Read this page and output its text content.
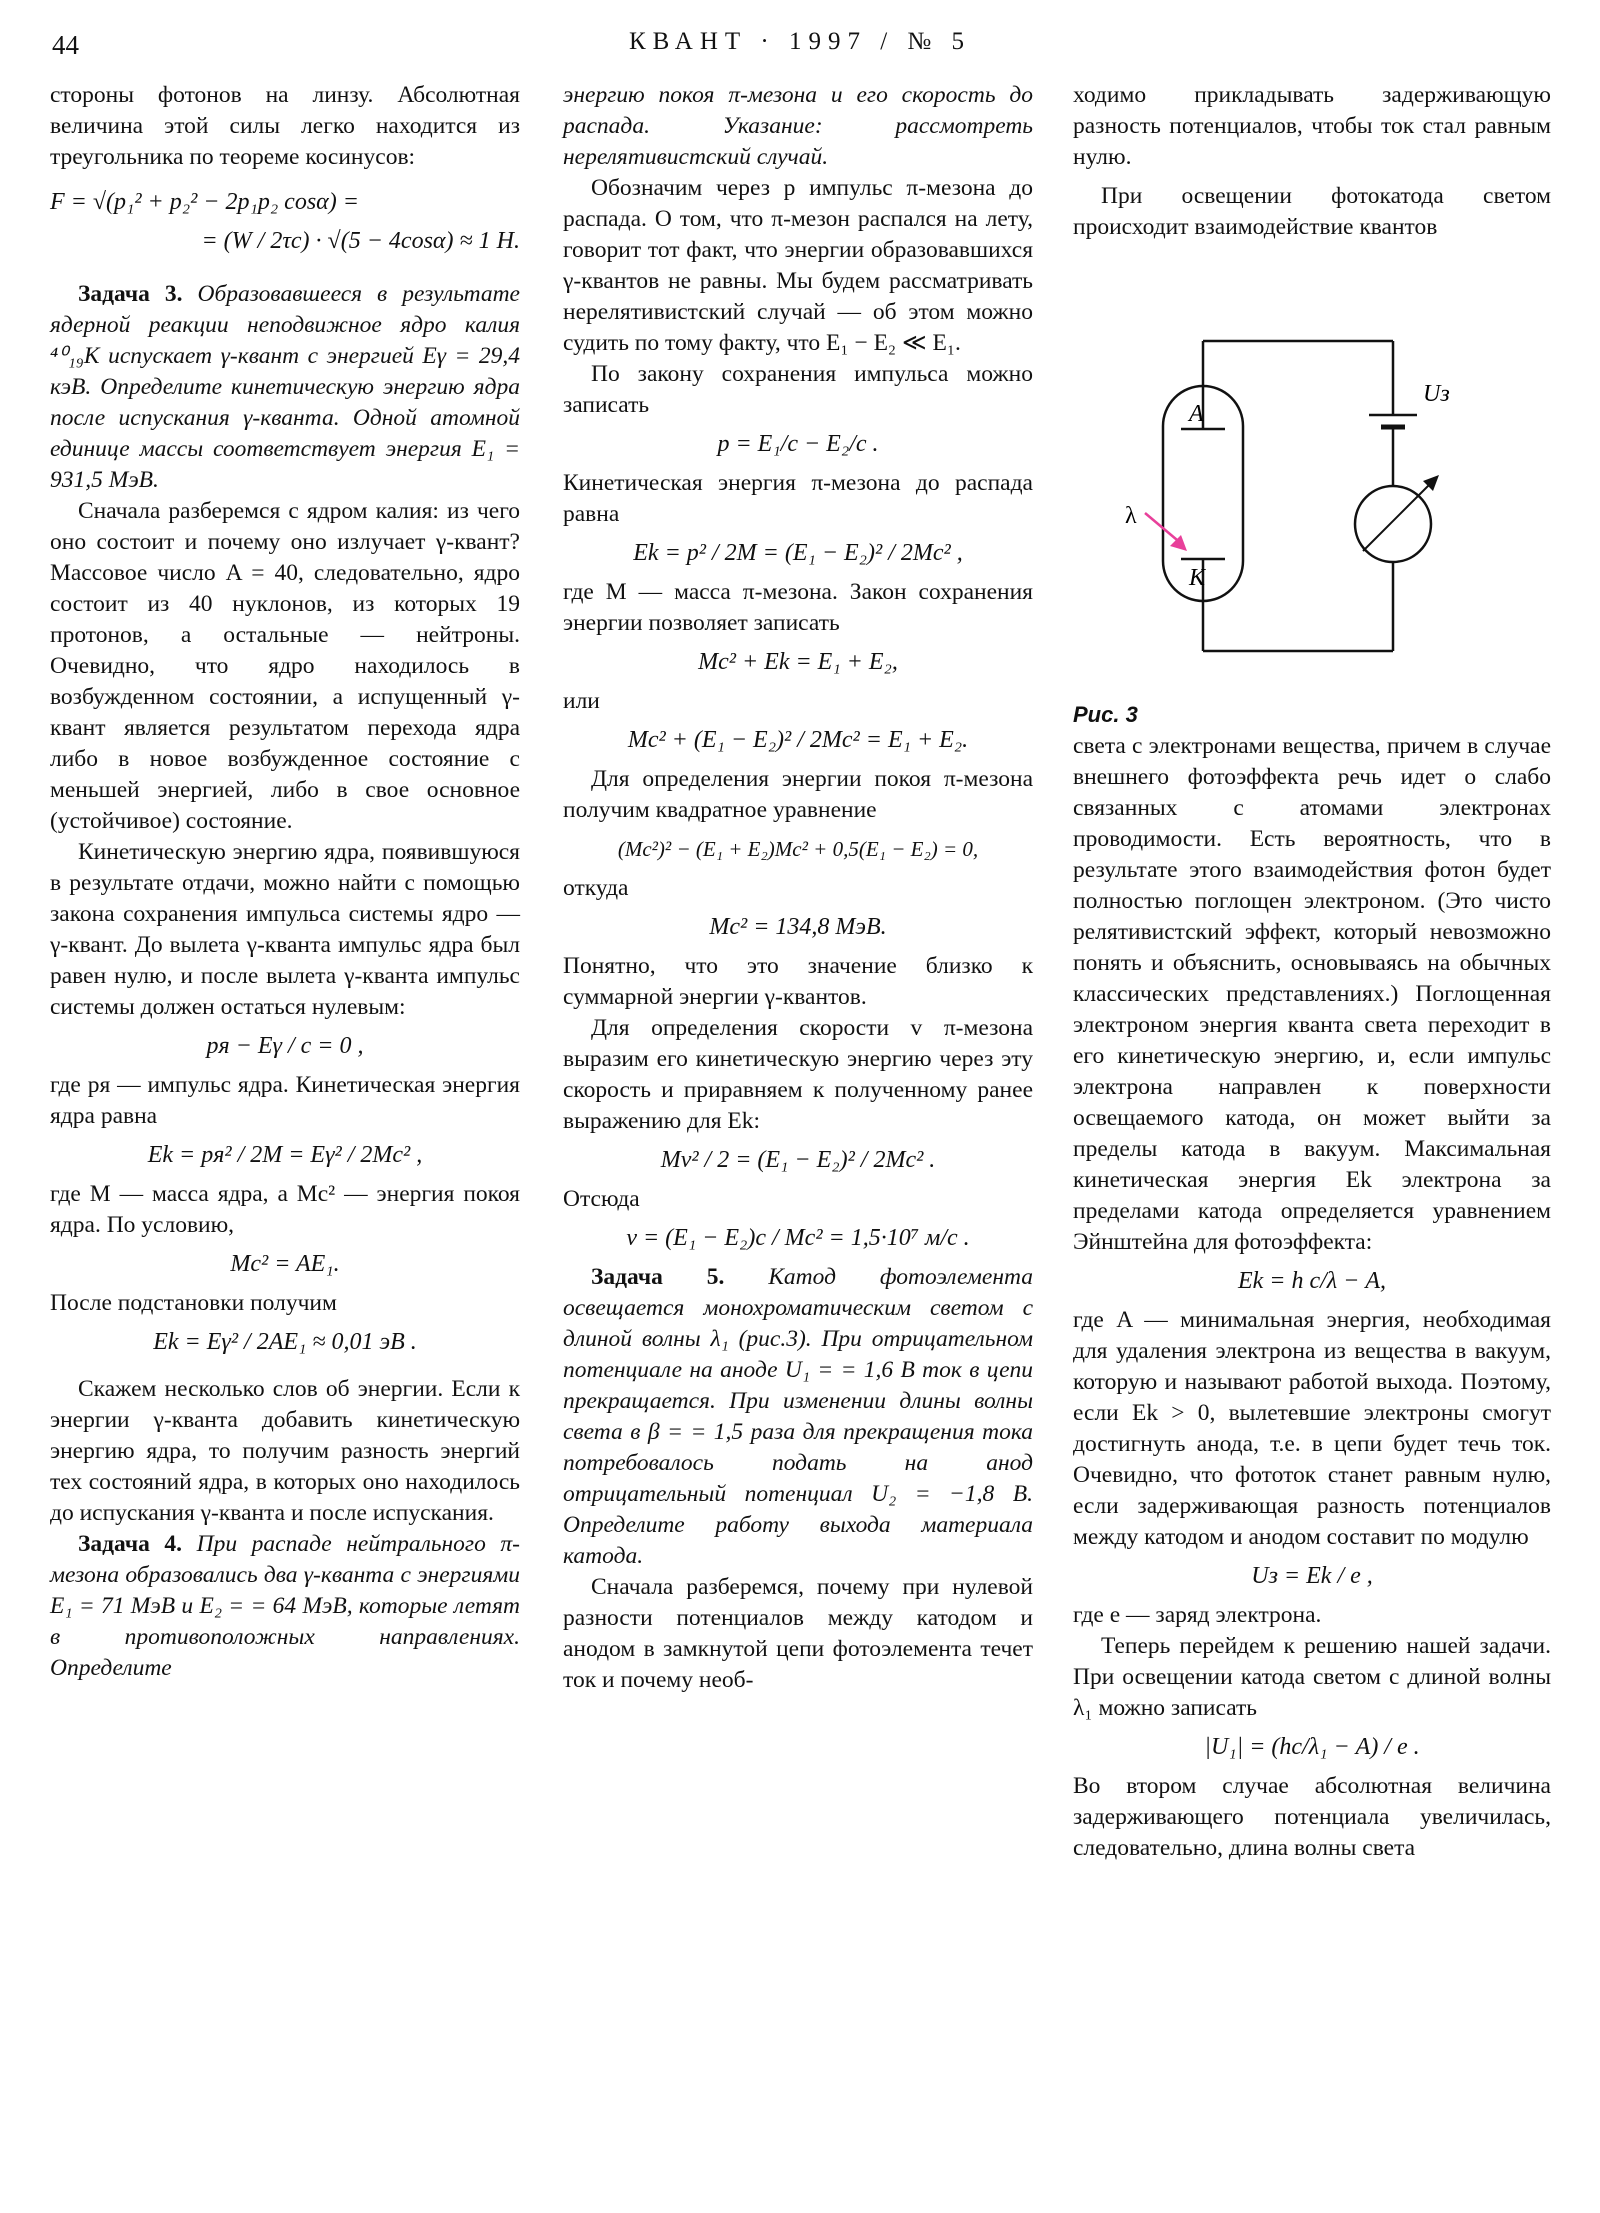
44	КВАНТ · 1997 / № 5

стороны фотонов на линзу. Абсолютная величина этой силы легко находится из треугольника по теореме косинусов:

F = √(p₁² + p₂² − 2p₁p₂ cosα) =
= (W / 2τc) · √(5 − 4cosα) ≈ 1 Н.

Задача 3. Образовавшееся в результате ядерной реакции неподвижное ядро калия ⁴⁰₁₉K испускает γ-квант с энергией Eγ = 29,4 кэВ. Определите кинетическую энергию ядра после испускания γ-кванта. Одной атомной единице массы соответствует энергия E₁ = 931,5 МэВ.

Сначала разберемся с ядром калия: из чего оно состоит и почему оно излучает γ-квант? Массовое число A = 40, следовательно, ядро состоит из 40 нуклонов, из которых 19 протонов, а остальные — нейтроны. Очевидно, что ядро находилось в возбужденном состоянии, а испущенный γ-квант является результатом перехода ядра либо в новое возбужденное состояние с меньшей энергией, либо в свое основное (устойчивое) состояние.

Кинетическую энергию ядра, появившуюся в результате отдачи, можно найти с помощью закона сохранения импульса системы ядро — γ-квант. До вылета γ-кванта импульс ядра был равен нулю, и после вылета γ-кванта импульс системы должен остаться нулевым:

pя − Eγ / c = 0 ,

где pя — импульс ядра. Кинетическая энергия ядра равна

Ek = pя² / 2M = Eγ² / 2Mc² ,

где M — масса ядра, а Mc² — энергия покоя ядра. По условию,

Mc² = AE₁.

После подстановки получим

Ek = Eγ² / 2AE₁ ≈ 0,01 эВ .

Скажем несколько слов об энергии. Если к энергии γ-кванта добавить кинетическую энергию ядра, то получим разность энергий тех состояний ядра, в которых оно находилось до испускания γ-кванта и после испускания.

Задача 4. При распаде нейтрального π-мезона образовались два γ-кванта с энергиями E₁ = 71 МэВ и E₂ = = 64 МэВ, которые летят в противоположных направлениях. Определите

энергию покоя π-мезона и его скорость до распада. Указание: рассмотреть нерелятивистский случай.

Обозначим через p импульс π-мезона до распада. О том, что π-мезон распался на лету, говорит тот факт, что энергии образовавшихся γ-квантов не равны. Мы будем рассматривать нерелятивистский случай — об этом можно судить по тому факту, что E₁ − E₂ ≪ E₁.

По закону сохранения импульса можно записать

p = E₁/c − E₂/c .

Кинетическая энергия π-мезона до распада равна

Ek = p² / 2M = (E₁ − E₂)² / 2Mc² ,

где M — масса π-мезона. Закон сохранения энергии позволяет записать

Mc² + Ek = E₁ + E₂,

или

Mc² + (E₁ − E₂)² / 2Mc² = E₁ + E₂.

Для определения энергии покоя π-мезона получим квадратное уравнение

(Mc²)² − (E₁ + E₂)Mc² + 0,5(E₁ − E₂) = 0,

откуда

Mc² = 134,8 МэВ.

Понятно, что это значение близко к суммарной энергии γ-квантов.

Для определения скорости v π-мезона выразим его кинетическую энергию через эту скорость и приравняем к полученному ранее выражению для Ek:

Mv² / 2 = (E₁ − E₂)² / 2Mc² .

Отсюда

v = (E₁ − E₂)c / Mc² = 1,5·10⁷ м/с .

Задача 5. Катод фотоэлемента освещается монохроматическим светом с длиной волны λ₁ (рис.3). При отрицательном потенциале на аноде U₁ = = 1,6 В ток в цепи прекращается. При изменении длины волны света в β = = 1,5 раза для прекращения тока потребовалось подать на анод отрицательный потенциал U₂ = −1,8 В. Определите работу выхода материала катода.

Сначала разберемся, почему при нулевой разности потенциалов между катодом и анодом в замкнутой цепи фотоэлемента течет ток и почему необ-

ходимо прикладывать задерживающую разность потенциалов, чтобы ток стал равным нулю.

При освещении фотокатода светом происходит взаимодействие квантов

A
K
λ
Uз
Рис. 3

света с электронами вещества, причем в случае внешнего фотоэффекта речь идет о слабо связанных с атомами электронах проводимости. Есть вероятность, что в результате этого взаимодействия фотон будет полностью поглощен электроном. (Это чисто релятивистский эффект, который невозможно понять и объяснить, основываясь на обычных классических представлениях.) Поглощенная электроном энергия кванта света переходит в его кинетическую энергию, и, если импульс электрона направлен к поверхности освещаемого катода, он может выйти за пределы катода в вакуум. Максимальная кинетическая энергия Ek электрона за пределами катода определяется уравнением Эйнштейна для фотоэффекта:

Ek = h c/λ − A,

где A — минимальная энергия, необходимая для удаления электрона из вещества в вакуум, которую и называют работой выхода. Поэтому, если Ek > 0, вылетевшие электроны смогут достигнуть анода, т.е. в цепи будет течь ток. Очевидно, что фототок станет равным нулю, если задерживающая разность потенциалов между катодом и анодом составит по модулю

Uз = Ek / e ,

где e — заряд электрона.

Теперь перейдем к решению нашей задачи. При освещении катода светом с длиной волны λ₁ можно записать

|U₁| = (hc/λ₁ − A) / e .

Во втором случае абсолютная величина задерживающего потенциала увеличилась, следовательно, длина волны света
